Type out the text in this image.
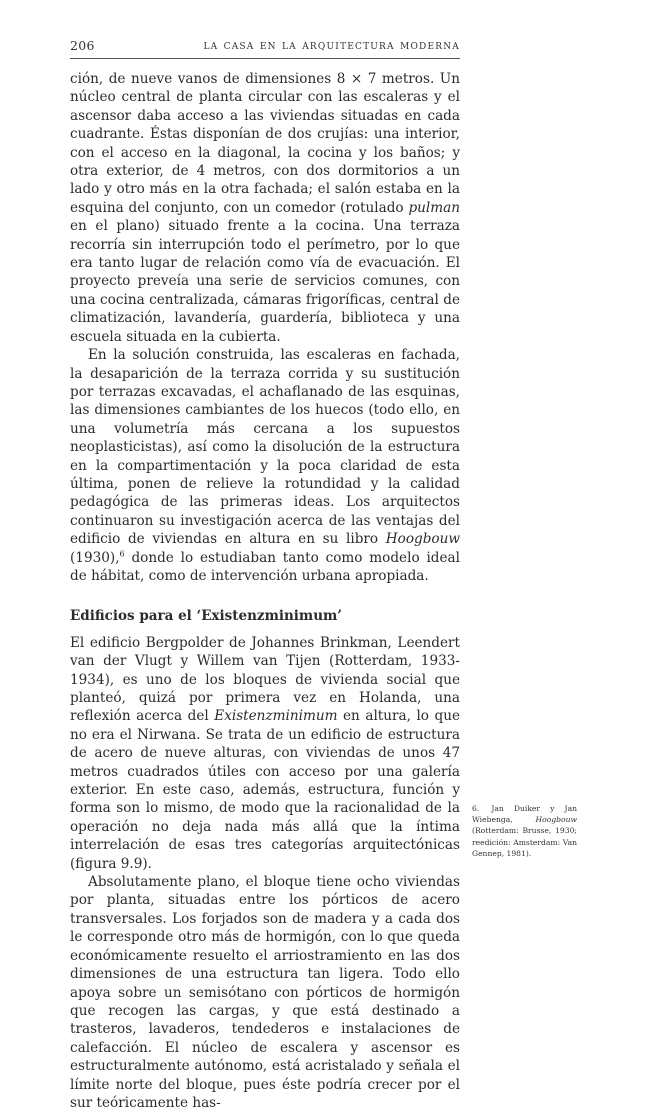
206	la casa en la arquitectura moderna

ción, de nueve vanos de dimensiones 8 × 7 metros. Un núcleo central de planta circular con las escaleras y el ascensor daba acceso a las viviendas situadas en cada cuadrante. Éstas disponían de dos crujías: una interior, con el acceso en la diagonal, la cocina y los baños; y otra exterior, de 4 metros, con dos dormitorios a un lado y otro más en la otra fachada; el salón estaba en la esquina del conjunto, con un comedor (rotulado pulman en el plano) situado frente a la cocina. Una terraza recorría sin interrupción todo el perímetro, por lo que era tanto lugar de relación como vía de evacuación. El proyecto preveía una serie de servicios comunes, con una cocina centralizada, cámaras frigoríficas, central de climatización, lavandería, guardería, biblioteca y una escuela situada en la cubierta.

En la solución construida, las escaleras en fachada, la desaparición de la terraza corrida y su sustitución por terrazas excavadas, el achaflanado de las esquinas, las dimensiones cambiantes de los huecos (todo ello, en una volumetría más cercana a los supuestos neoplasticistas), así como la disolución de la estructura en la compartimentación y la poca claridad de esta última, ponen de relieve la rotundidad y la calidad pedagógica de las primeras ideas. Los arquitectos continuaron su investigación acerca de las ventajas del edificio de viviendas en altura en su libro Hoogbouw (1930),$^6$ donde lo estudiaban tanto como modelo ideal de hábitat, como de intervención urbana apropiada.

Edificios para el ‘Existenzminimum’

El edificio Bergpolder de Johannes Brinkman, Leendert van der Vlugt y Willem van Tijen (Rotterdam, 1933-1934), es uno de los bloques de vivienda social que planteó, quizá por primera vez en Holanda, una reflexión acerca del Existenzminimum en altura, lo que no era el Nirwana. Se trata de un edificio de estructura de acero de nueve alturas, con viviendas de unos 47 metros cuadrados útiles con acceso por una galería exterior. En este caso, además, estructura, función y forma son lo mismo, de modo que la racionalidad de la operación no deja nada más allá que la íntima interrelación de esas tres categorías arquitectónicas (figura 9.9).

Absolutamente plano, el bloque tiene ocho viviendas por planta, situadas entre los pórticos de acero transversales. Los forjados son de madera y a cada dos le corresponde otro más de hormigón, con lo que queda económicamente resuelto el arriostramiento en las dos dimensiones de una estructura tan ligera. Todo ello apoya sobre un semisótano con pórticos de hormigón que recogen las cargas, y que está destinado a trasteros, lavaderos, tendederos e instalaciones de calefacción. El núcleo de escalera y ascensor es estructuralmente autónomo, está acristalado y señala el límite norte del bloque, pues éste podría crecer por el sur teóricamente has-

6. Jan Duiker y Jan Wiebenga,	Hoogbouw (Rotterdam: Brusse, 1930; reedición: Amsterdam: Van Gennep, 1981).
